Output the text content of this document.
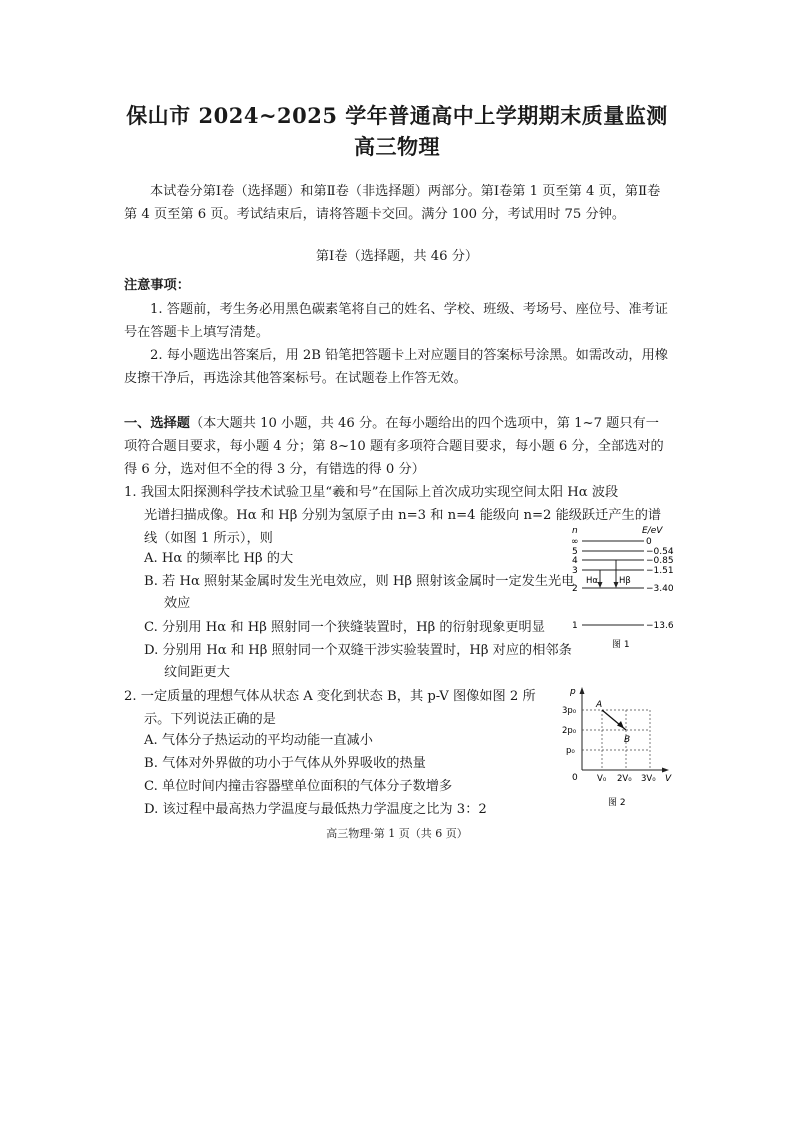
保山市 2024~2025 学年普通高中上学期期末质量监测
高三物理
本试卷分第Ⅰ卷（选择题）和第Ⅱ卷（非选择题）两部分。第Ⅰ卷第 1 页至第 4 页，第Ⅱ卷第 4 页至第 6 页。考试结束后，请将答题卡交回。满分 100 分，考试用时 75 分钟。
第Ⅰ卷（选择题，共 46 分）
注意事项：
1. 答题前，考生务必用黑色碳素笔将自己的姓名、学校、班级、考场号、座位号、准考证号在答题卡上填写清楚。
2. 每小题选出答案后，用 2B 铅笔把答题卡上对应题目的答案标号涂黑。如需改动，用橡皮擦干净后，再选涂其他答案标号。在试题卷上作答无效。
一、选择题（本大题共 10 小题，共 46 分。在每小题给出的四个选项中，第 1~7 题只有一项符合题目要求，每小题 4 分；第 8~10 题有多项符合题目要求，每小题 6 分，全部选对的得 6 分，选对但不全的得 3 分，有错选的得 0 分）
1. 我国太阳探测科学技术试验卫星“羲和号”在国际上首次成功实现空间太阳 Hα 波段
光谱扫描成像。Hα 和 Hβ 分别为氢原子由 n=3 和 n=4 能级向 n=2 能级跃迁产生的谱
线（如图 1 所示），则
A. Hα 的频率比 Hβ 的大
B. 若 Hα 照射某金属时发生光电效应，则 Hβ 照射该金属时一定发生光电效应
C. 分别用 Hα 和 Hβ 照射同一个狭缝装置时，Hβ 的衍射现象更明显
D. 分别用 Hα 和 Hβ 照射同一个双缝干涉实验装置时，Hβ 对应的相邻条纹间距更大
n	E/eV
∞
5
4
3
2
1
0
−0.54
−0.85
−1.51
−3.40
−13.6
Hα Hβ
图 1
2. 一定质量的理想气体从状态 A 变化到状态 B，其 p-V 图像如图 2 所
示。下列说法正确的是
A. 气体分子热运动的平均动能一直减小
B. 气体对外界做的功小于气体从外界吸收的热量
C. 单位时间内撞击容器壁单位面积的气体分子数增多
D. 该过程中最高热力学温度与最低热力学温度之比为 3：2
p
V
0
A
B
3p₀
2p₀
p₀
V₀ 2V₀ 3V₀
图 2
高三物理·第 1 页（共 6 页）
